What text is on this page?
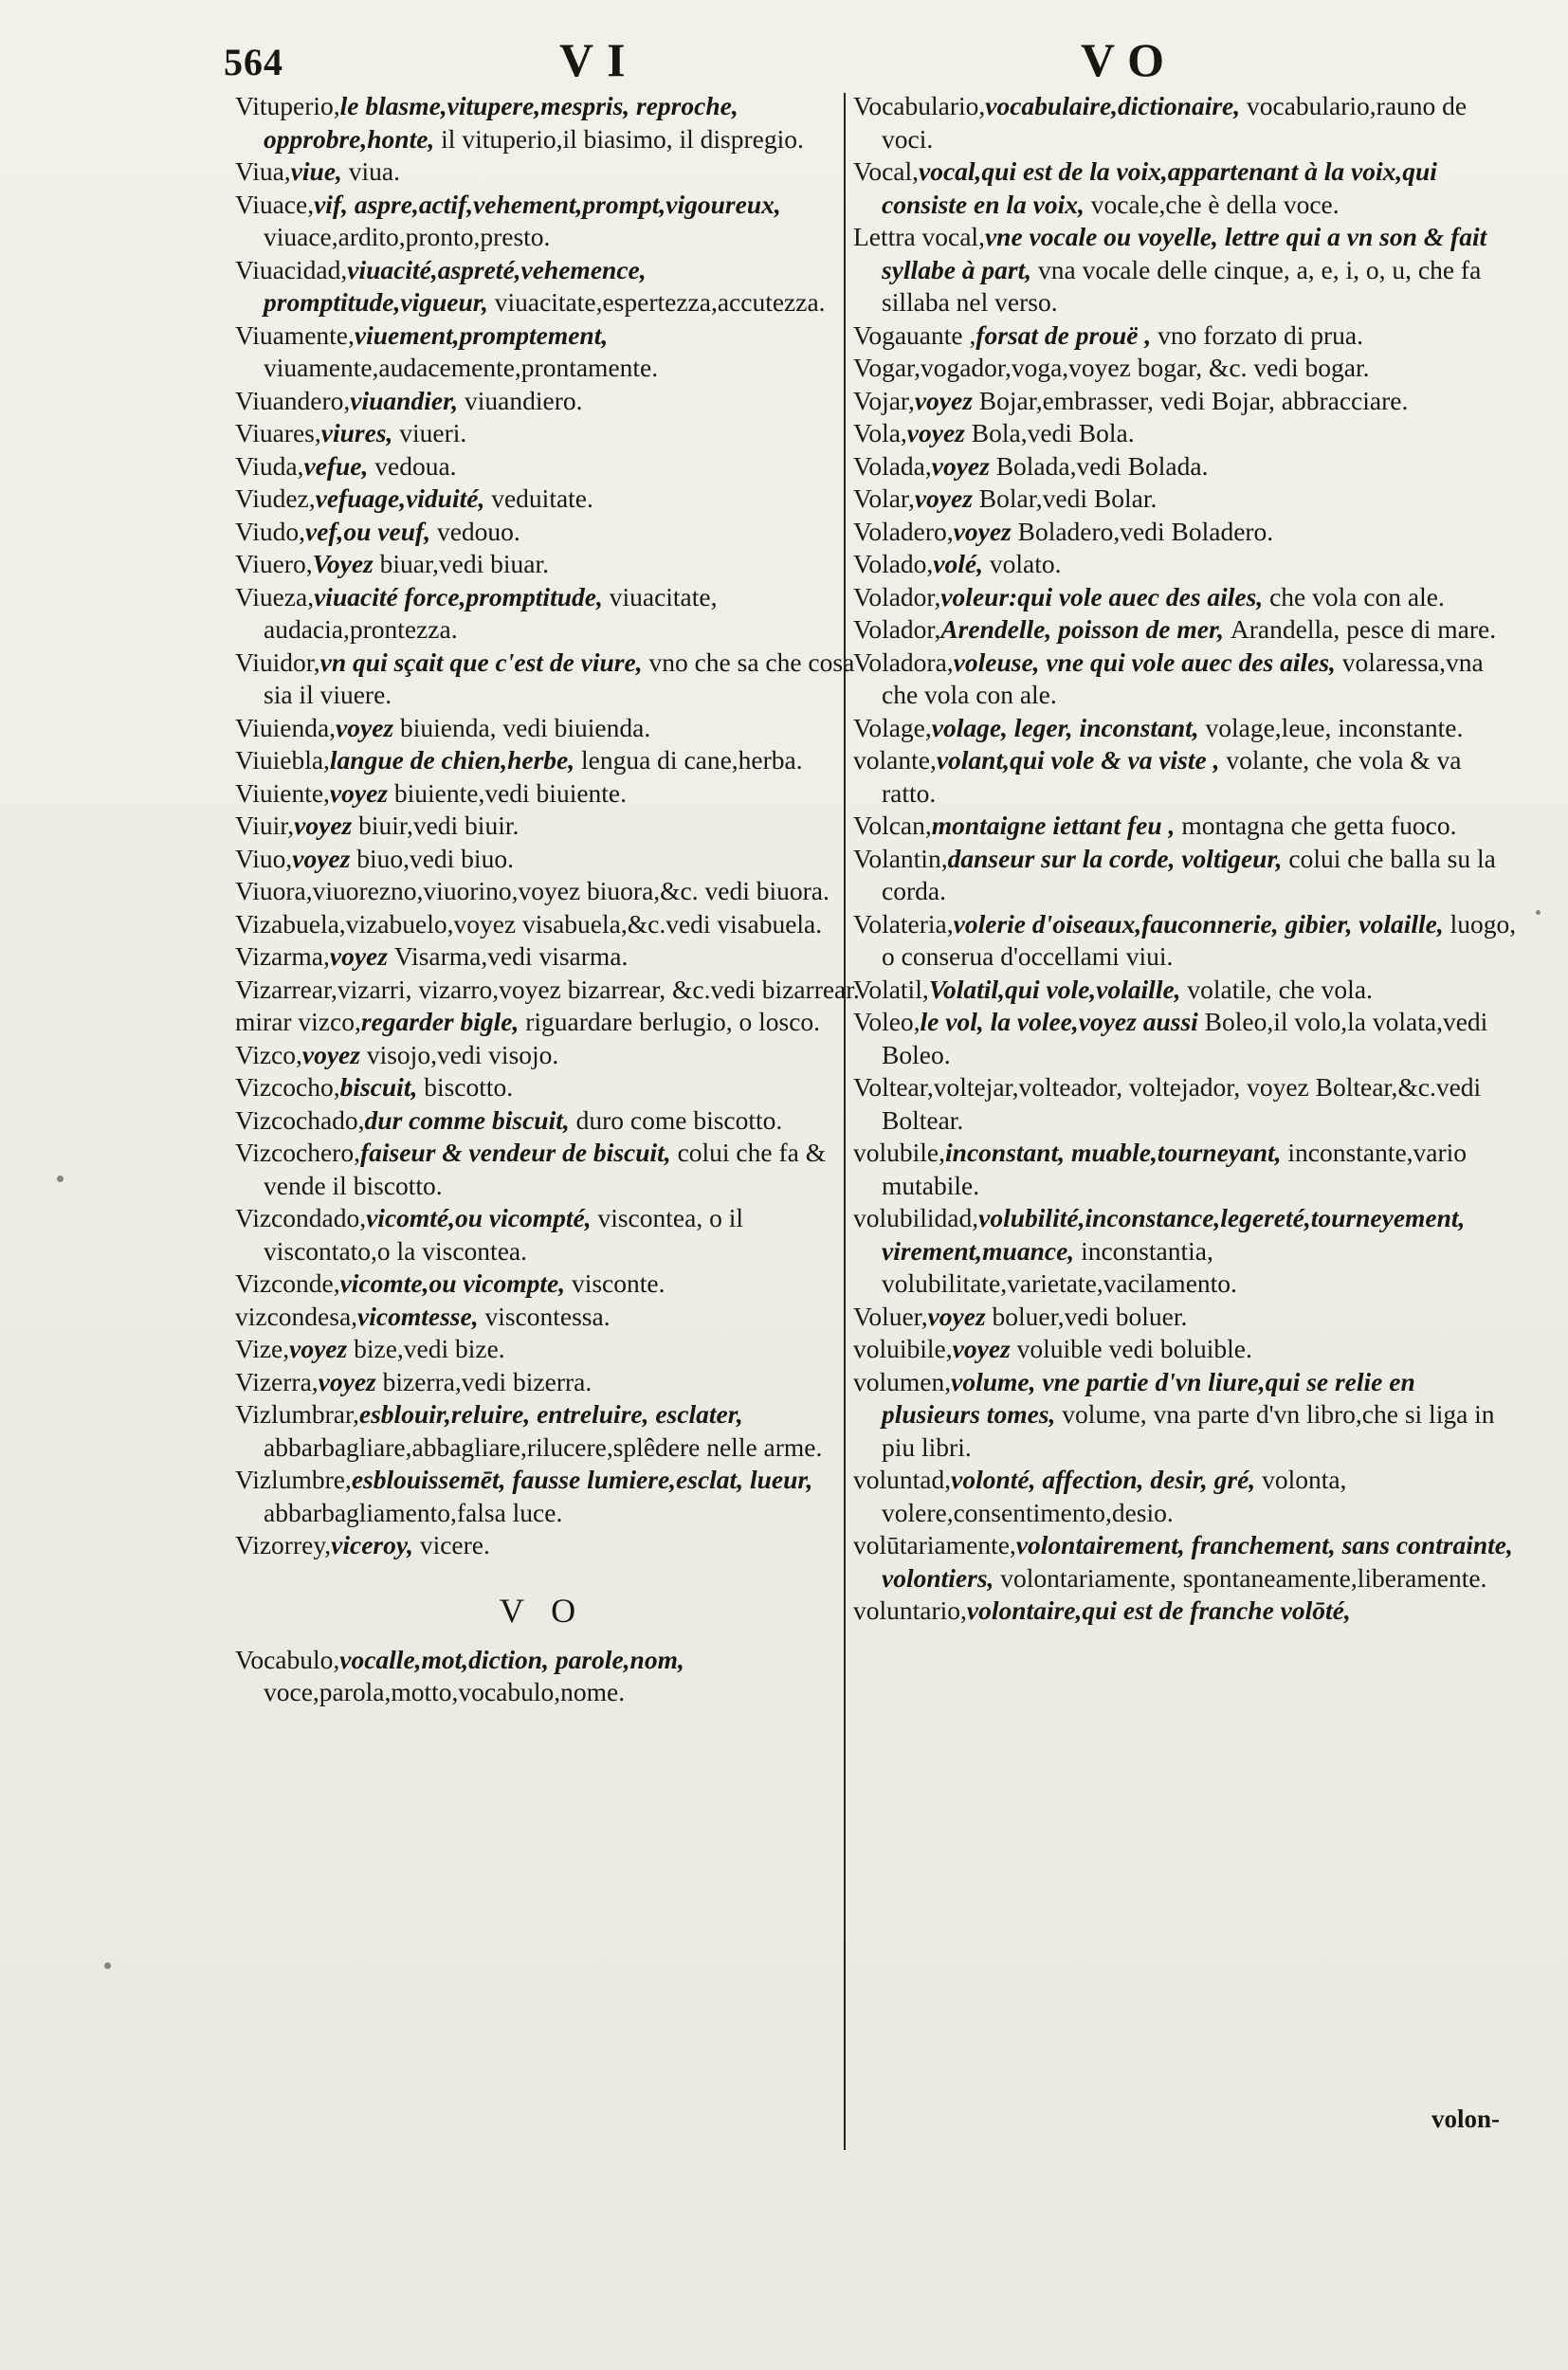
564	VI	VO

Vituperio,le blasme,vitupere,mespris, reproche, opprobre,honte, il vituperio,il biasimo, il dispregio.

Viua,viue, viua.

Viuace,vif, aspre,actif,vehement,prompt,vigoureux, viuace,ardito,pronto,presto.

Viuacidad,viuacité,aspreté,vehemence, promptitude,vigueur, viuacitate,espertezza,accutezza.

Viuamente,viuement,promptement, viuamente,audacemente,prontamente.

Viuandero,viuandier, viuandiero.

Viuares,viures, viueri.

Viuda,vefue, vedoua.

Viudez,vefuage,viduité, veduitate.

Viudo,vef,ou veuf, vedouo.

Viuero,Voyez biuar,vedi biuar.

Viueza,viuacité force,promptitude, viuacitate, audacia,prontezza.

Viuidor,vn qui sçait que c'est de viure, vno che sa che cosa sia il viuere.

Viuienda,voyez biuienda, vedi biuienda.

Viuiebla,langue de chien,herbe, lengua di cane,herba.

Viuiente,voyez biuiente,vedi biuiente.

Viuir,voyez biuir,vedi biuir.

Viuo,voyez biuo,vedi biuo.

Viuora,viuorezno,viuorino,voyez biuora,&c. vedi biuora.

Vizabuela,vizabuelo,voyez visabuela,&c.vedi visabuela.

Vizarma,voyez Visarma,vedi visarma.

Vizarrear,vizarri, vizarro,voyez bizarrear, &c.vedi bizarrear.

mirar vizco,regarder bigle, riguardare berlugio, o losco.

Vizco,voyez visojo,vedi visojo.

Vizcocho,biscuit, biscotto.

Vizcochado,dur comme biscuit, duro come biscotto.

Vizcochero,faiseur & vendeur de biscuit, colui che fa & vende il biscotto.

Vizcondado,vicomté,ou vicompté, viscontea, o il viscontato,o la viscontea.

Vizconde,vicomte,ou vicompte, visconte.

vizcondesa,vicomtesse, viscontessa.

Vize,voyez bize,vedi bize.

Vizerra,voyez bizerra,vedi bizerra.

Vizlumbrar,esblouir,reluire, entreluire, esclater, abbarbagliare,abbagliare,rilucere,splêdere nelle arme.

Vizlumbre,esblouissemēt, fausse lumiere,esclat, lueur, abbarbagliamento,falsa luce.

Vizorrey,viceroy, vicere.

V O

Vocabulo,vocalle,mot,diction, parole,nom, voce,parola,motto,vocabulo,nome.

Vocabulario,vocabulaire,dictionaire, vocabulario,rauno de voci.

Vocal,vocal,qui est de la voix,appartenant à la voix,qui consiste en la voix, vocale,che è della voce.

Lettra vocal,vne vocale ou voyelle, lettre qui a vn son & fait syllabe à part, vna vocale delle cinque, a, e, i, o, u, che fa sillaba nel verso.

Vogauante ,forsat de prouë , vno forzato di prua.

Vogar,vogador,voga,voyez bogar, &c. vedi bogar.

Vojar,voyez Bojar,embrasser, vedi Bojar, abbracciare.

Vola,voyez Bola,vedi Bola.

Volada,voyez Bolada,vedi Bolada.

Volar,voyez Bolar,vedi Bolar.

Voladero,voyez Boladero,vedi Boladero.

Volado,volé, volato.

Volador,voleur:qui vole auec des ailes, che vola con ale.

Volador,Arendelle, poisson de mer, Arandella, pesce di mare.

Voladora,voleuse, vne qui vole auec des ailes, volaressa,vna che vola con ale.

Volage,volage, leger, inconstant, volage,leue, inconstante.

volante,volant,qui vole & va viste , volante, che vola & va ratto.

Volcan,montaigne iettant feu , montagna che getta fuoco.

Volantin,danseur sur la corde, voltigeur, colui che balla su la corda.

Volateria,volerie d'oiseaux,fauconnerie, gibier, volaille, luogo, o conserua d'occellami viui.

Volatil,Volatil,qui vole,volaille, volatile, che vola.

Voleo,le vol, la volee,voyez aussi Boleo,il volo,la volata,vedi Boleo.

Voltear,voltejar,volteador, voltejador, voyez Boltear,&c.vedi Boltear.

volubile,inconstant, muable,tourneyant, inconstante,vario mutabile.

volubilidad,volubilité,inconstance,legereté,tourneyement, virement,muance, inconstantia, volubilitate,varietate,vacilamento.

Voluer,voyez boluer,vedi boluer.

voluibile,voyez voluible vedi boluible.

volumen,volume, vne partie d'vn liure,qui se relie en plusieurs tomes, volume, vna parte d'vn libro,che si liga in piu libri.

voluntad,volonté, affection, desir, gré, volonta, volere,consentimento,desio.

volūtariamente,volontairement, franchement, sans contrainte, volontiers, volontariamente, spontaneamente,liberamente.

voluntario,volontaire,qui est de franche volōté,

volon-
